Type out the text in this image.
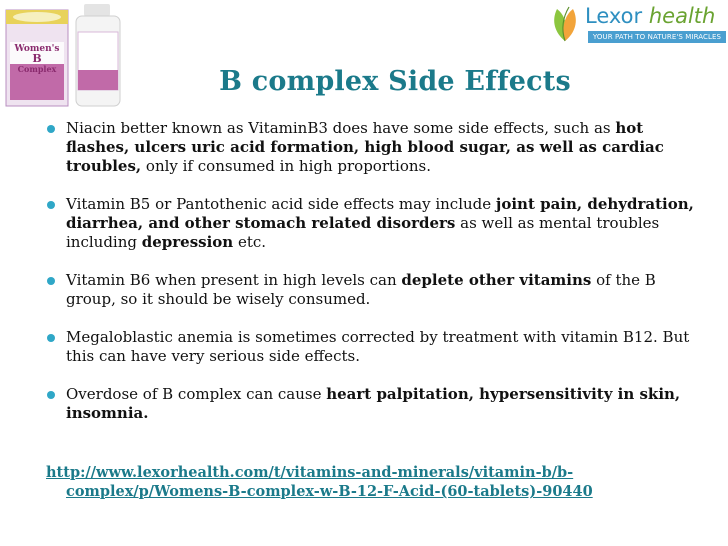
Women's
B
Complex
Lexor health
YOUR PATH TO NATURE'S MIRACLES
B complex Side Effects
Niacin better known as VitaminB3 does have some side effects, such as hot flashes, ulcers uric acid formation, high blood sugar, as well as cardiac troubles, only if consumed in high proportions.
Vitamin B5 or Pantothenic acid side effects may include joint pain, dehydration, diarrhea, and other stomach related disorders as well as mental troubles including depression etc.
Vitamin B6 when present in high levels can deplete other vitamins of the B group, so it should be wisely consumed.
Megaloblastic anemia is sometimes corrected by treatment with vitamin B12. But this can have very serious side effects.
Overdose of B complex can cause heart palpitation, hypersensitivity in skin, insomnia.
http://www.lexorhealth.com/t/vitamins-and-minerals/vitamin-b/b-
complex/p/Womens-B-complex-w-B-12-F-Acid-(60-tablets)-90440
